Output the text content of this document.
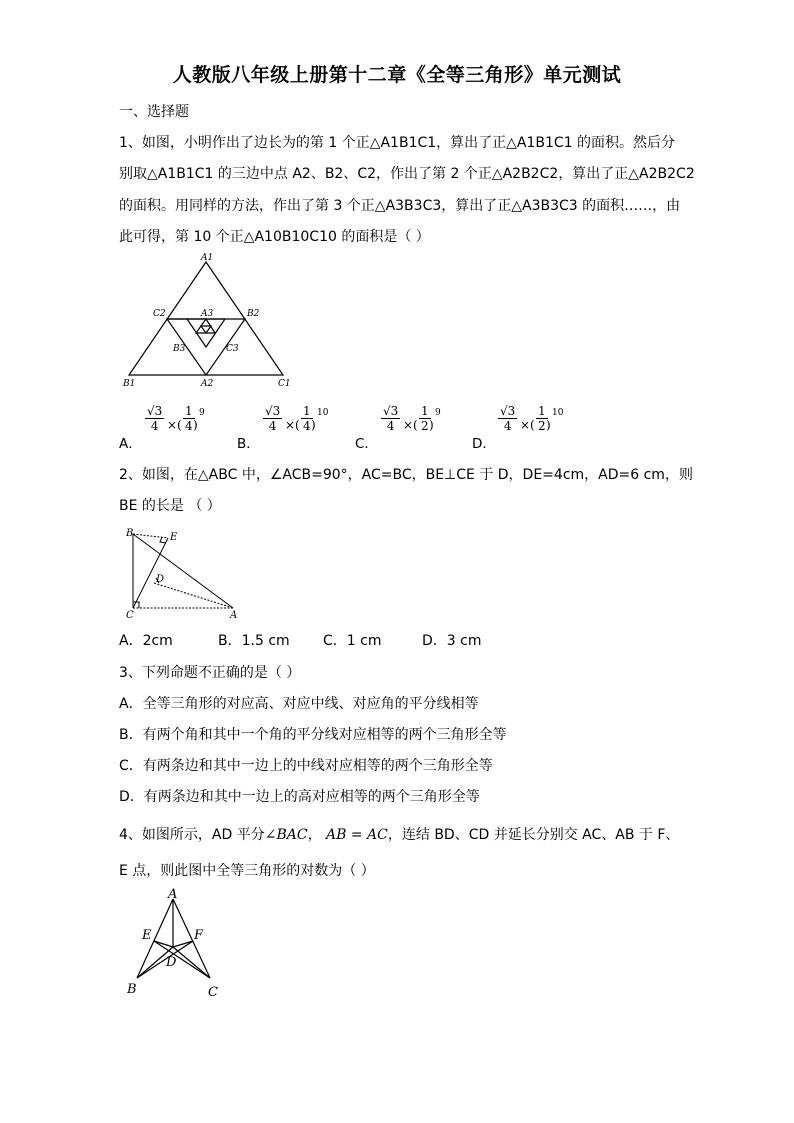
人教版八年级上册第十二章《全等三角形》单元测试
一、选择题
1、如图，小明作出了边长为的第 1 个正△A1B1C1，算出了正△A1B1C1 的面积。然后分
别取△A1B1C1 的三边中点 A2、B2、C2，作出了第 2 个正△A2B2C2，算出了正△A2B2C2
的面积。用同样的方法，作出了第 3 个正△A3B3C3，算出了正△A3B3C3 的面积……，由
此可得，第 10 个正△A10B10C10 的面积是（ ）
A1
C2	B2
A3
B3	C3
B1	A2	C1
A．
$\frac{√3}{4}$ ×( $\frac{1}{4}$
)
9
B．
$\frac{√3}{4}$ ×( $\frac{1}{4}$
)
10
C．
$\frac{√3}{4}$ ×( $\frac{1}{2}$
)
9
D．
$\frac{√3}{4}$ ×( $\frac{1}{2}$
)
10
2、如图，在△ABC 中，∠ACB=90°，AC=BC，BE⊥CE 于 D，DE=4cm，AD=6 cm，则
BE 的长是 （ ）
B	E
D
C	A
A．2cm	B．1.5 cm C．1 cm	D．3 cm
3、下列命题不正确的是（ ）
A．全等三角形的对应高、对应中线、对应角的平分线相等
B．有两个角和其中一个角的平分线对应相等的两个三角形全等
C．有两条边和其中一边上的中线对应相等的两个三角形全等
D．有两条边和其中一边上的高对应相等的两个三角形全等
4、如图所示，AD 平分∠BAC， AB = AC，连结 BD、CD 并延长分别交 AC、AB 于 F、
E 点，则此图中全等三角形的对数为（ ）
A
E	F
D
B	C
